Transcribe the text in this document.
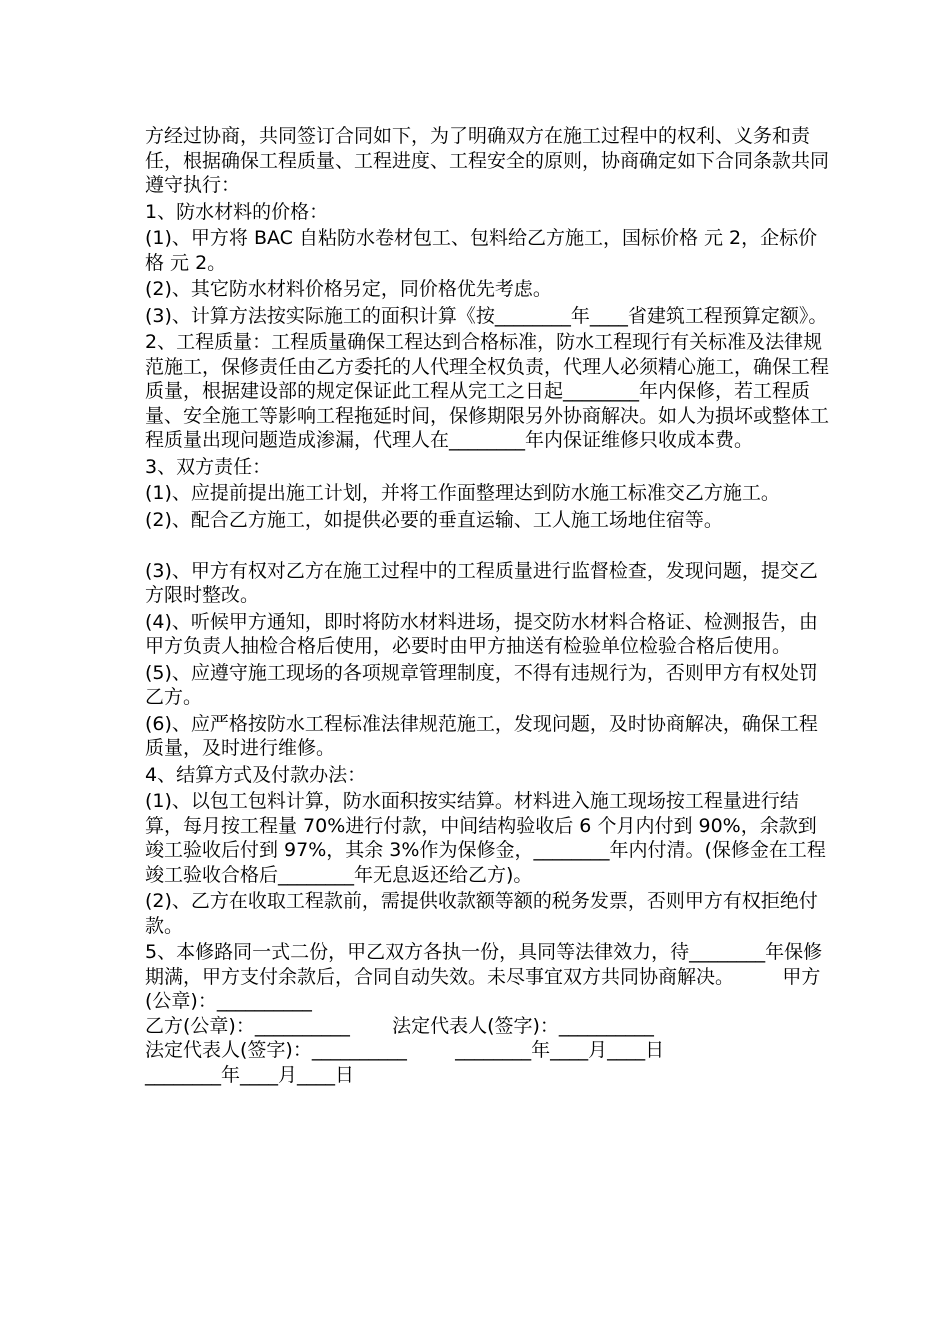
方经过协商，共同签订合同如下，为了明确双方在施工过程中的权利、义务和责任，根据确保工程质量、工程进度、工程安全的原则，协商确定如下合同条款共同遵守执行：

1、防水材料的价格：

(1)、甲方将 BAC 自粘防水卷材包工、包料给乙方施工，国标价格 元 2，企标价格 元 2。

(2)、其它防水材料价格另定，同价格优先考虑。

(3)、计算方法按实际施工的面积计算《按________年____省建筑工程预算定额》。

2、工程质量：工程质量确保工程达到合格标准，防水工程现行有关标准及法律规范施工，保修责任由乙方委托的人代理全权负责，代理人必须精心施工，确保工程质量，根据建设部的规定保证此工程从完工之日起________年内保修，若工程质量、安全施工等影响工程拖延时间，保修期限另外协商解决。如人为损坏或整体工程质量出现问题造成渗漏，代理人在________年内保证维修只收成本费。

3、双方责任：

(1)、应提前提出施工计划，并将工作面整理达到防水施工标准交乙方施工。

(2)、配合乙方施工，如提供必要的垂直运输、工人施工场地住宿等。

(3)、甲方有权对乙方在施工过程中的工程质量进行监督检查，发现问题，提交乙方限时整改。

(4)、听候甲方通知，即时将防水材料进场，提交防水材料合格证、检测报告，由甲方负责人抽检合格后使用，必要时由甲方抽送有检验单位检验合格后使用。

(5)、应遵守施工现场的各项规章管理制度，不得有违规行为，否则甲方有权处罚乙方。

(6)、应严格按防水工程标准法律规范施工，发现问题，及时协商解决，确保工程质量，及时进行维修。

4、结算方式及付款办法：

(1)、以包工包料计算，防水面积按实结算。材料进入施工现场按工程量进行结算，每月按工程量 70%进行付款，中间结构验收后 6 个月内付到 90%，余款到竣工验收后付到 97%，其余 3%作为保修金，________年内付清。(保修金在工程竣工验收合格后________年无息返还给乙方)。

(2)、乙方在收取工程款前，需提供收款额等额的税务发票，否则甲方有权拒绝付款。

5、本修路同一式二份，甲乙双方各执一份，具同等法律效力，待________年保修期满，甲方支付余款后，合同自动失效。未尽事宜双方共同协商解决。        甲方(公章)：__________

乙方(公章)：__________       法定代表人(签字)：__________

法定代表人(签字)：__________        ________年____月____日

________年____月____日
